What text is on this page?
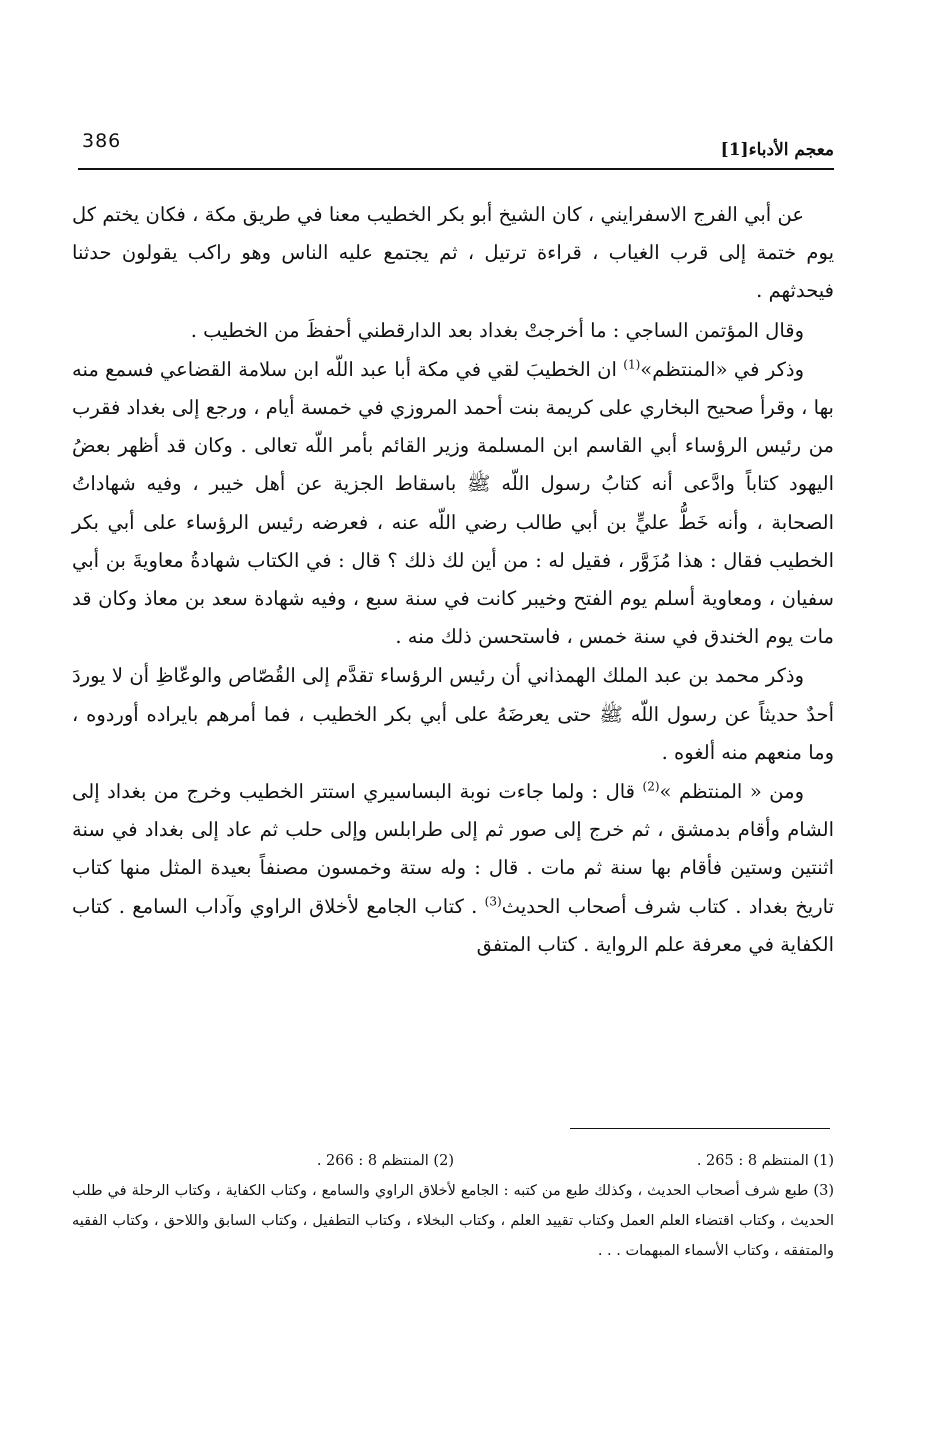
386	معجم الأدباء[1]

عن أبي الفرج الاسفرايني ، كان الشيخ أبو بكر الخطيب معنا في طريق مكة ، فكان يختم كل يوم ختمة إلى قرب الغياب ، قراءة ترتيل ، ثم يجتمع عليه الناس وهو راكب يقولون حدثنا فيحدثهم .

وقال المؤتمن الساجي : ما أخرجتْ بغداد بعد الدارقطني أحفظَ من الخطيب .

وذكر في «المنتظم»$^{(1)}$ ان الخطيبَ لقي في مكة أبا عبد اللّه ابن سلامة القضاعي فسمع منه بها ، وقرأ صحيح البخاري على كريمة بنت أحمد المروزي في خمسة أيام ، ورجع إلى بغداد فقرب من رئيس الرؤساء أبي القاسم ابن المسلمة وزير القائم بأمر اللّه تعالى . وكان قد أظهر بعضُ اليهود كتاباً وادَّعى أنه كتابُ رسول اللّه ﷺ باسقاط الجزية عن أهل خيبر ، وفيه شهاداتُ الصحابة ، وأنه خَطُّ عليٍّ بن أبي طالب رضي اللّه عنه ، فعرضه رئيس الرؤساء على أبي بكر الخطيب فقال : هذا مُزَوَّر ، فقيل له : من أين لك ذلك ؟ قال : في الكتاب شهادةُ معاويةَ بن أبي سفيان ، ومعاوية أسلم يوم الفتح وخيبر كانت في سنة سبع ، وفيه شهادة سعد بن معاذ وكان قد مات يوم الخندق في سنة خمس ، فاستحسن ذلك منه .

وذكر محمد بن عبد الملك الهمذاني أن رئيس الرؤساء تقدَّم إلى القُصّاص والوعّاظِ أن لا يوردَ أحدٌ حديثاً عن رسول اللّه ﷺ حتى يعرضَهُ على أبي بكر الخطيب ، فما أمرهم بايراده أوردوه ، وما منعهم منه ألغوه .

ومن « المنتظم »$^{(2)}$ قال : ولما جاءت نوبة البساسيري استتر الخطيب وخرج من بغداد إلى الشام وأقام بدمشق ، ثم خرج إلى صور ثم إلى طرابلس وإلى حلب ثم عاد إلى بغداد في سنة اثنتين وستين فأقام بها سنة ثم مات . قال : وله ستة وخمسون مصنفاً بعيدة المثل منها كتاب تاريخ بغداد . كتاب شرف أصحاب الحديث$^{(3)}$ . كتاب الجامع لأخلاق الراوي وآداب السامع . كتاب الكفاية في معرفة علم الرواية . كتاب المتفق

(1) المنتظم 8 : 265 .
(2) المنتظم 8 : 266 .
(3) طبع شرف أصحاب الحديث ، وكذلك طبع من كتبه : الجامع لأخلاق الراوي والسامع ، وكتاب الكفاية ، وكتاب الرحلة في طلب الحديث ، وكتاب اقتضاء العلم العمل وكتاب تقييد العلم ، وكتاب البخلاء ، وكتاب التطفيل ، وكتاب السابق واللاحق ، وكتاب الفقيه والمتفقه ، وكتاب الأسماء المبهمات . . .
